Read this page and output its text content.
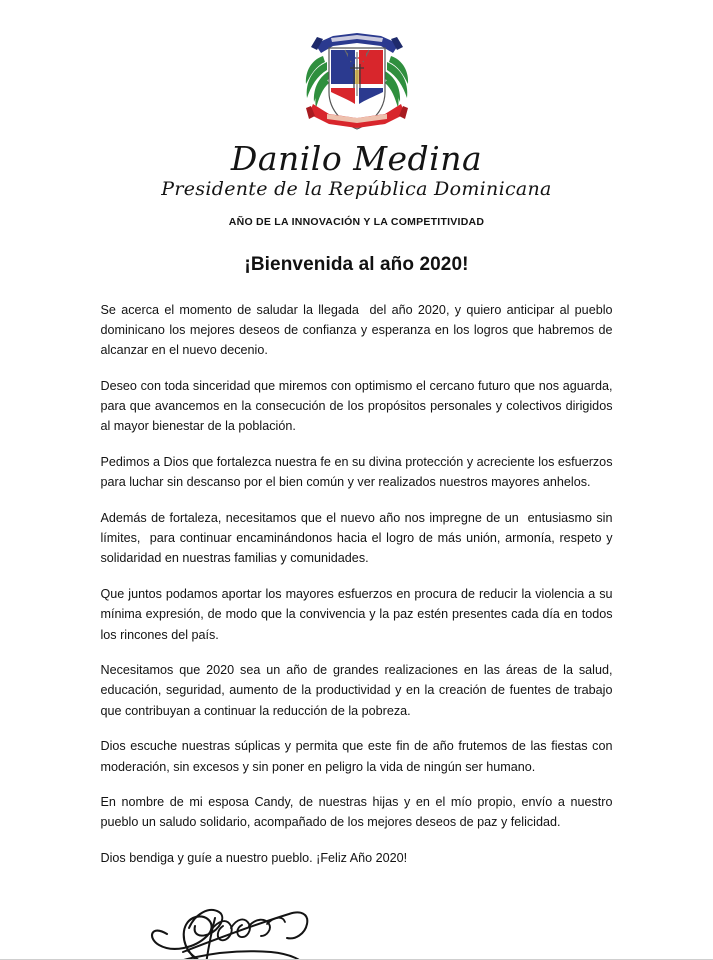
Danilo Medina
Presidente de la República Dominicana
AÑO DE LA INNOVACIÓN Y LA COMPETITIVIDAD
¡Bienvenida al año 2020!

Se acerca el momento de saludar la llegada  del año 2020, y quiero anticipar al pueblo dominicano los mejores deseos de confianza y esperanza en los logros que habremos de alcanzar en el nuevo decenio.

Deseo con toda sinceridad que miremos con optimismo el cercano futuro que nos aguarda, para que avancemos en la consecución de los propósitos personales y colectivos dirigidos al mayor bienestar de la población.

Pedimos a Dios que fortalezca nuestra fe en su divina protección y acreciente los esfuerzos para luchar sin descanso por el bien común y ver realizados nuestros mayores anhelos.

Además de fortaleza, necesitamos que el nuevo año nos impregne de un  entusiasmo sin límites,  para continuar encaminándonos hacia el logro de más unión, armonía, respeto y solidaridad en nuestras familias y comunidades.

Que juntos podamos aportar los mayores esfuerzos en procura de reducir la violencia a su mínima expresión, de modo que la convivencia y la paz estén presentes cada día en todos los rincones del país.

Necesitamos que 2020 sea un año de grandes realizaciones en las áreas de la salud, educación, seguridad, aumento de la productividad y en la creación de fuentes de trabajo que contribuyan a continuar la reducción de la pobreza.

Dios escuche nuestras súplicas y permita que este fin de año frutemos de las fiestas con moderación, sin excesos y sin poner en peligro la vida de ningún ser humano.

En nombre de mi esposa Candy, de nuestras hijas y en el mío propio, envío a nuestro pueblo un saludo solidario, acompañado de los mejores deseos de paz y felicidad.

Dios bendiga y guíe a nuestro pueblo. ¡Feliz Año 2020!
